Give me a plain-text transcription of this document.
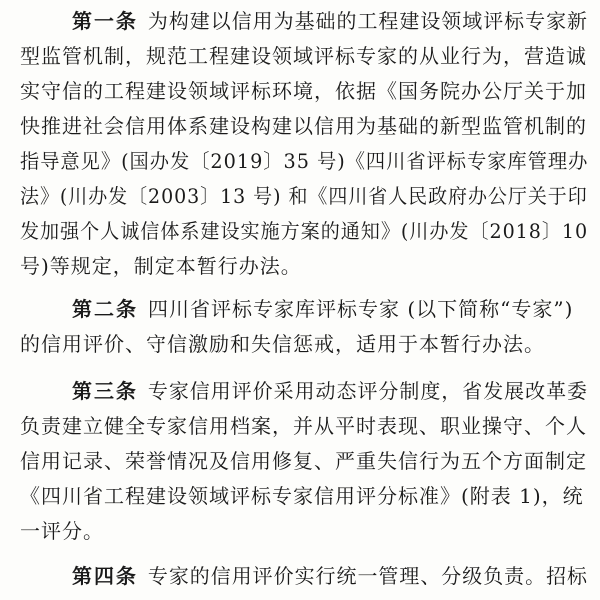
第一条 为构建以信用为基础的工程建设领域评标专家新
型监管机制，规范工程建设领域评标专家的从业行为，营造诚
实守信的工程建设领域评标环境，依据《国务院办公厅关于加
快推进社会信用体系建设构建以信用为基础的新型监管机制的
指导意见》(国办发〔2019〕35 号)《四川省评标专家库管理办
法》(川办发〔2003〕13 号) 和《四川省人民政府办公厅关于印
发加强个人诚信体系建设实施方案的通知》(川办发〔2018〕10
号)等规定，制定本暂行办法。
第二条 四川省评标专家库评标专家 (以下简称“专家”)
的信用评价、守信激励和失信惩戒，适用于本暂行办法。
第三条 专家信用评价采用动态评分制度，省发展改革委
负责建立健全专家信用档案，并从平时表现、职业操守、个人
信用记录、荣誉情况及信用修复、严重失信行为五个方面制定
《四川省工程建设领域评标专家信用评分标准》(附表 1)，统
一评分。
第四条 专家的信用评价实行统一管理、分级负责。招标
